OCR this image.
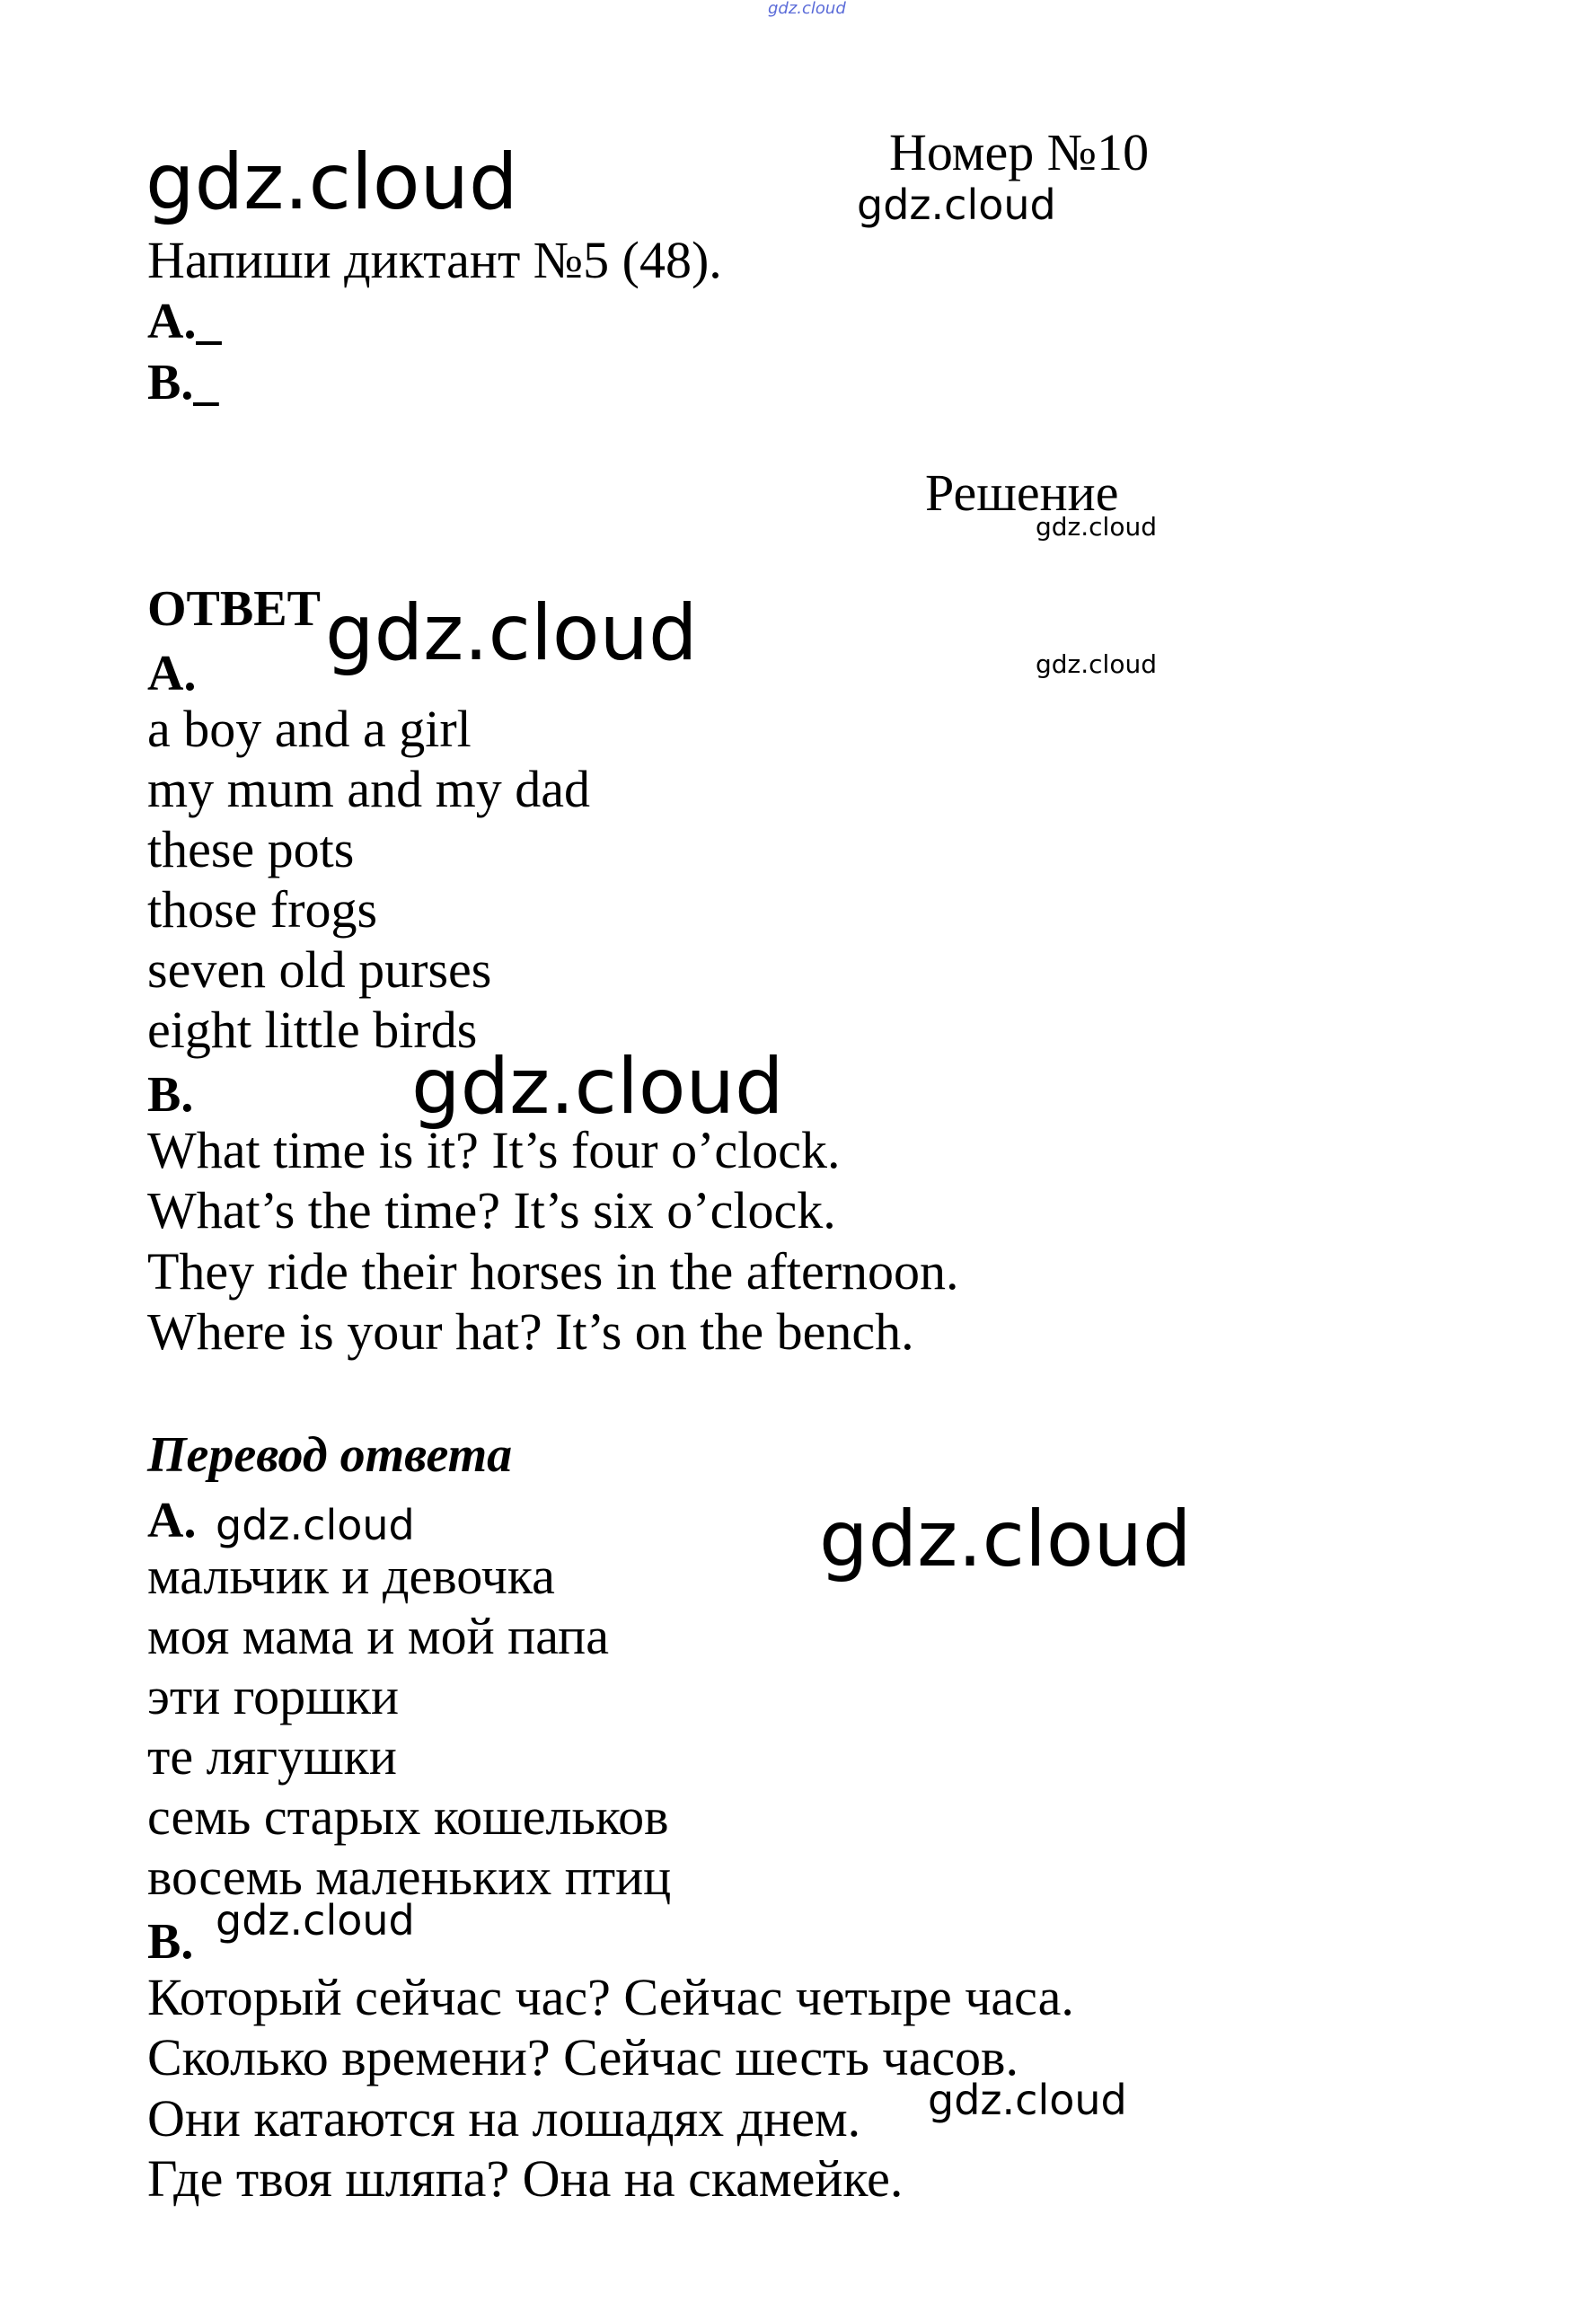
gdz.cloud
gdz.cloud	gdz.cloud
gdz.cloud
gdz.cloud	gdz.cloud
gdz.cloud
gdz.cloud	gdz.cloud
gdz.cloud
gdz.cloud
Номер №10
Напиши диктант №5 (48).
A._
B._
Решение
ОТВЕТ
A.
a boy and a girl
my mum and my dad
these pots
those frogs
seven old purses
eight little birds
B.
What time is it? It’s four o’clock.
What’s the time? It’s six o’clock.
They ride their horses in the afternoon.
Where is your hat? It’s on the bench.
Перевод ответа
A.
мальчик и девочка
моя мама и мой папа
эти горшки
те лягушки
семь старых кошельков
восемь маленьких птиц
B.
Который сейчас час? Сейчас четыре часа.
Сколько времени? Сейчас шесть часов.
Они катаются на лошадях днем.
Где твоя шляпа? Она на скамейке.
